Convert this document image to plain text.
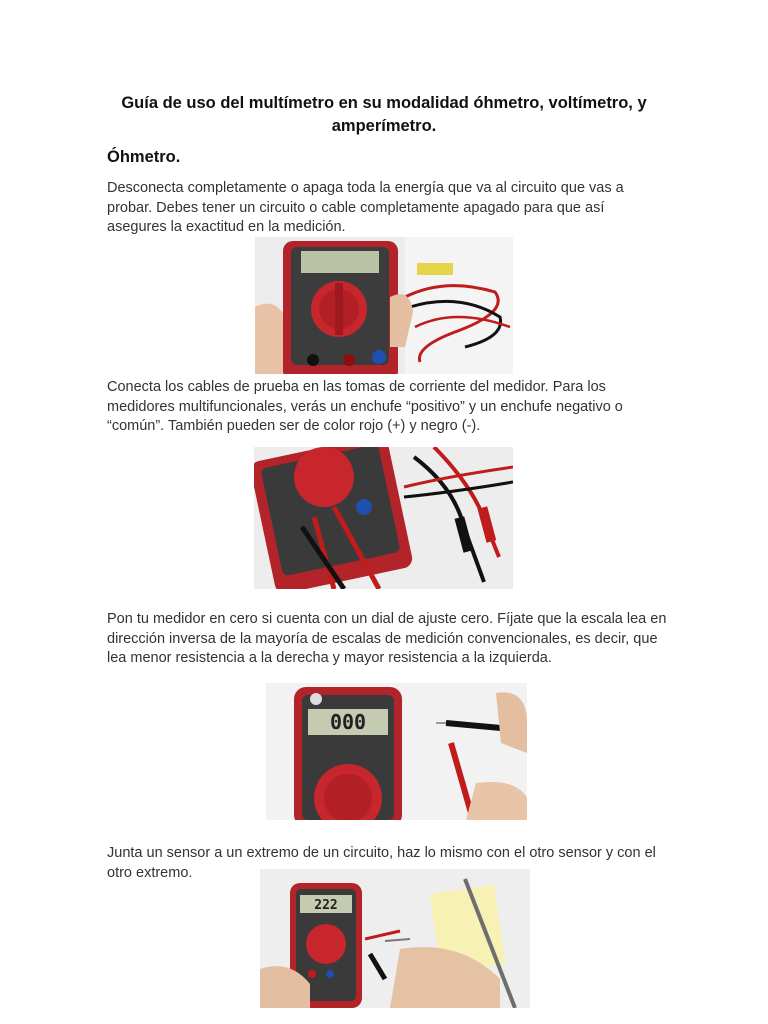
Guía de uso del multímetro en su modalidad óhmetro, voltímetro, y amperímetro.
Óhmetro.
Desconecta completamente o apaga toda la energía que va al circuito que vas a probar. Debes tener un circuito o cable completamente apagado para que así asegures la exactitud en la medición.
Conecta los cables de prueba en las tomas de corriente del medidor. Para los medidores multifuncionales, verás un enchufe “positivo” y un enchufe negativo o “común”. También pueden ser de color rojo (+) y negro (-).
Pon tu medidor en cero si cuenta con un dial de ajuste cero. Fíjate que la escala lea en dirección inversa de la mayoría de escalas de medición convencionales, es decir, que lea menor resistencia a la derecha y mayor resistencia a la izquierda.
000
Junta un sensor a un extremo de un circuito, haz lo mismo con el otro sensor y con el otro extremo.
222
